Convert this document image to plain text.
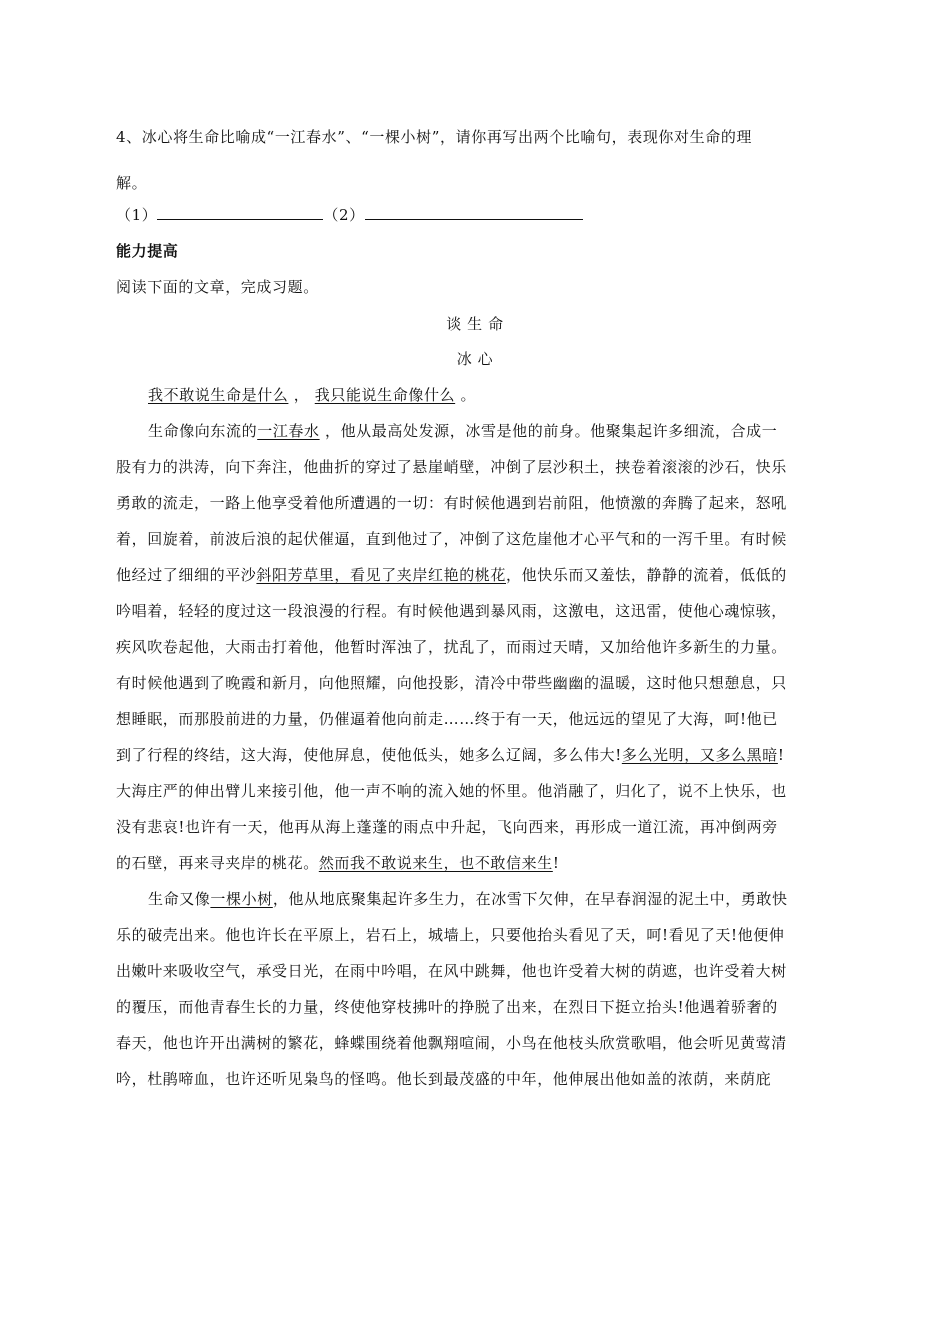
4、冰心将生命比喻成“一江春水”、“一棵小树”，请你再写出两个比喻句，表现你对生命的理
解。
（1）	（2）
能力提高
阅读下面的文章，完成习题。
谈 生 命
冰 心
我不敢说生命是什么 ， 我只能说生命像什么 。
生命像向东流的一江春水 ，他从最高处发源，冰雪是他的前身。他聚集起许多细流，合成一
股有力的洪涛，向下奔注，他曲折的穿过了悬崖峭壁，冲倒了层沙积土，挟卷着滚滚的沙石，快乐
勇敢的流走，一路上他享受着他所遭遇的一切：有时候他遇到岩前阻，他愤激的奔腾了起来，怒吼
着，回旋着，前波后浪的起伏催逼，直到他过了，冲倒了这危崖他才心平气和的一泻千里。有时候
他经过了细细的平沙斜阳芳草里，看见了夹岸红艳的桃花，他快乐而又羞怯，静静的流着，低低的
吟唱着，轻轻的度过这一段浪漫的行程。有时候他遇到暴风雨，这激电，这迅雷，使他心魂惊骇，
疾风吹卷起他，大雨击打着他，他暂时浑浊了，扰乱了，而雨过天晴，又加给他许多新生的力量。
有时候他遇到了晚霞和新月，向他照耀，向他投影，清冷中带些幽幽的温暖，这时他只想憩息，只
想睡眠，而那股前进的力量，仍催逼着他向前走……终于有一天，他远远的望见了大海，呵!他已
到了行程的终结，这大海，使他屏息，使他低头，她多么辽阔，多么伟大!多么光明，又多么黑暗!
大海庄严的伸出臂儿来接引他，他一声不响的流入她的怀里。他消融了，归化了，说不上快乐，也
没有悲哀!也许有一天，他再从海上蓬蓬的雨点中升起，飞向西来，再形成一道江流，再冲倒两旁
的石壁，再来寻夹岸的桃花。然而我不敢说来生，也不敢信来生!
生命又像一棵小树，他从地底聚集起许多生力，在冰雪下欠伸，在早春润湿的泥土中，勇敢快
乐的破壳出来。他也许长在平原上，岩石上，城墙上，只要他抬头看见了天，呵!看见了天!他便伸
出嫩叶来吸收空气，承受日光，在雨中吟唱，在风中跳舞，他也许受着大树的荫遮，也许受着大树
的覆压，而他青春生长的力量，终使他穿枝拂叶的挣脱了出来，在烈日下挺立抬头!他遇着骄奢的
春天，他也许开出满树的繁花，蜂蝶围绕着他飘翔喧闹，小鸟在他枝头欣赏歌唱，他会听见黄莺清
吟，杜鹃啼血，也许还听见枭鸟的怪鸣。他长到最茂盛的中年，他伸展出他如盖的浓荫，来荫庇
